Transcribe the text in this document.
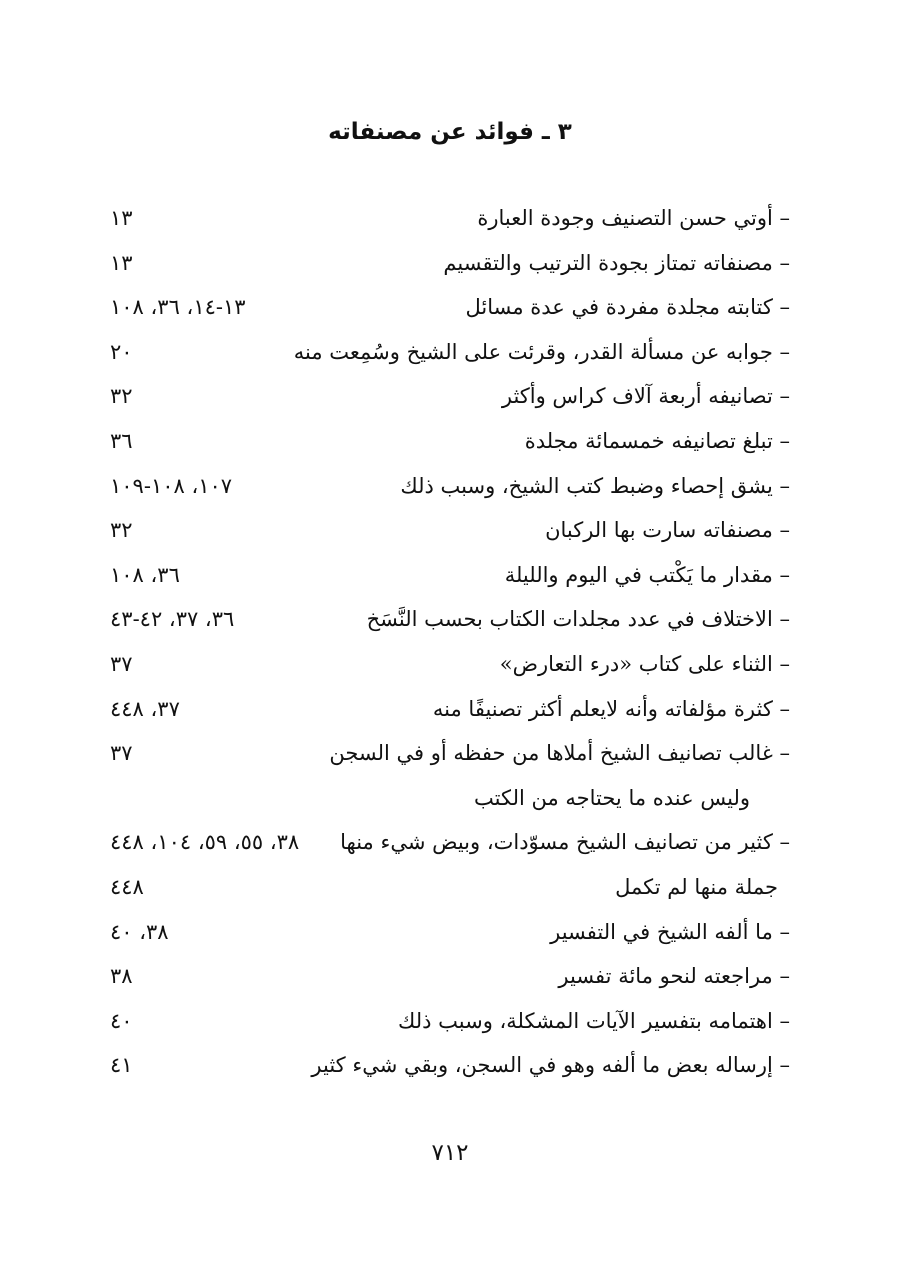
٣ ـ فوائد عن مصنفاته
– أوتي حسن التصنيف وجودة العبارة
١٣
– مصنفاته تمتاز بجودة الترتيب والتقسيم
١٣
– كتابته مجلدة مفردة في عدة مسائل
١٣-١٤، ٣٦، ١٠٨
– جوابه عن مسألة القدر، وقرئت على الشيخ وسُمِعت منه
٢٠
– تصانيفه أربعة آلاف كراس وأكثر
٣٢
– تبلغ تصانيفه خمسمائة مجلدة
٣٦
– يشق إحصاء وضبط كتب الشيخ، وسبب ذلك
١٠٧، ١٠٨-١٠٩
– مصنفاته سارت بها الركبان
٣٢
– مقدار ما يَكْتب في اليوم والليلة
٣٦، ١٠٨
– الاختلاف في عدد مجلدات الكتاب بحسب النَّسَخ
٣٦، ٣٧، ٤٢-٤٣
– الثناء على كتاب «درء التعارض»
٣٧
– كثرة مؤلفاته وأنه لايعلم أكثر تصنيفًا منه
٣٧، ٤٤٨
– غالب تصانيف الشيخ أملاها من حفظه أو في السجن
٣٧
وليس عنده ما يحتاجه من الكتب
– كثير من تصانيف الشيخ مسوّدات، وبيض شيء منها
٣٨، ٥٥، ٥٩، ١٠٤، ٤٤٨
جملة منها لم تكمل
٤٤٨
– ما ألفه الشيخ في التفسير
٣٨، ٤٠
– مراجعته لنحو مائة تفسير
٣٨
– اهتمامه بتفسير الآيات المشكلة، وسبب ذلك
٤٠
– إرساله بعض ما ألفه وهو في السجن، وبقي شيء كثير
٤١
٧١٢
